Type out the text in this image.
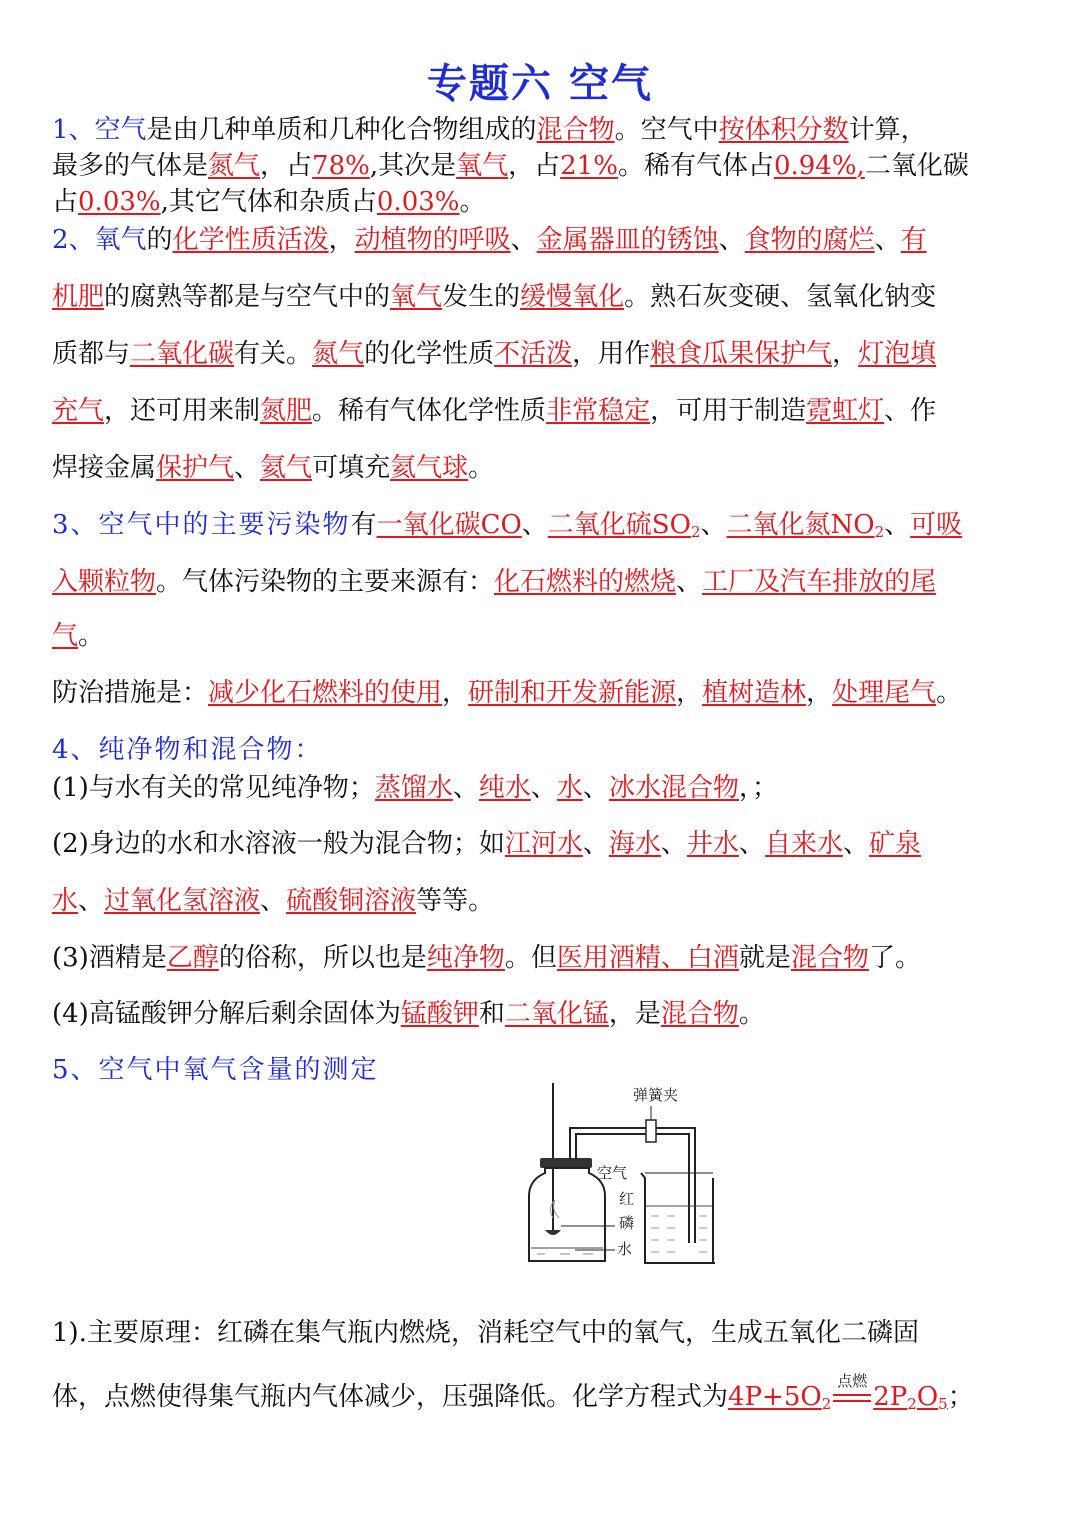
专题六 空气
1、空气是由几种单质和几种化合物组成的混合物。空气中按体积分数计算，
最多的气体是氮气，占78%,其次是氧气，占21%。稀有气体占0.94%,二氧化碳
占0.03%,其它气体和杂质占0.03%。
2、氧气的化学性质活泼，动植物的呼吸、金属器皿的锈蚀、食物的腐烂、有
机肥的腐熟等都是与空气中的氧气发生的缓慢氧化。熟石灰变硬、氢氧化钠变
质都与二氧化碳有关。氮气的化学性质不活泼，用作粮食瓜果保护气，灯泡填
充气，还可用来制氮肥。稀有气体化学性质非常稳定，可用于制造霓虹灯、作
焊接金属保护气、氦气可填充氦气球。
3、空气中的主要污染物有一氧化碳CO、二氧化硫$SO_2$、二氧化氮$NO_2$、可吸
入颗粒物。气体污染物的主要来源有：化石燃料的燃烧、工厂及汽车排放的尾
气。
防治措施是：减少化石燃料的使用，研制和开发新能源，植树造林，处理尾气。
4、纯净物和混合物：
(1)与水有关的常见纯净物；蒸馏水、纯水、水、冰水混合物，；
(2)身边的水和水溶液一般为混合物；如江河水、海水、井水、自来水、矿泉
水、过氧化氢溶液、硫酸铜溶液等等。
(3)酒精是乙醇的俗称，所以也是纯净物。但医用酒精、白酒就是混合物了。
(4)高锰酸钾分解后剩余固体为锰酸钾和二氧化锰，是混合物。
5、空气中氧气含量的测定
弹簧夹
空气
红
磷
水
1).主要原理：红磷在集气瓶内燃烧，消耗空气中的氧气，生成五氧化二磷固
体，点燃使得集气瓶内气体减少，压强降低。化学方程式为$4P+5O_2$
点燃
$2P_2O_5$；
